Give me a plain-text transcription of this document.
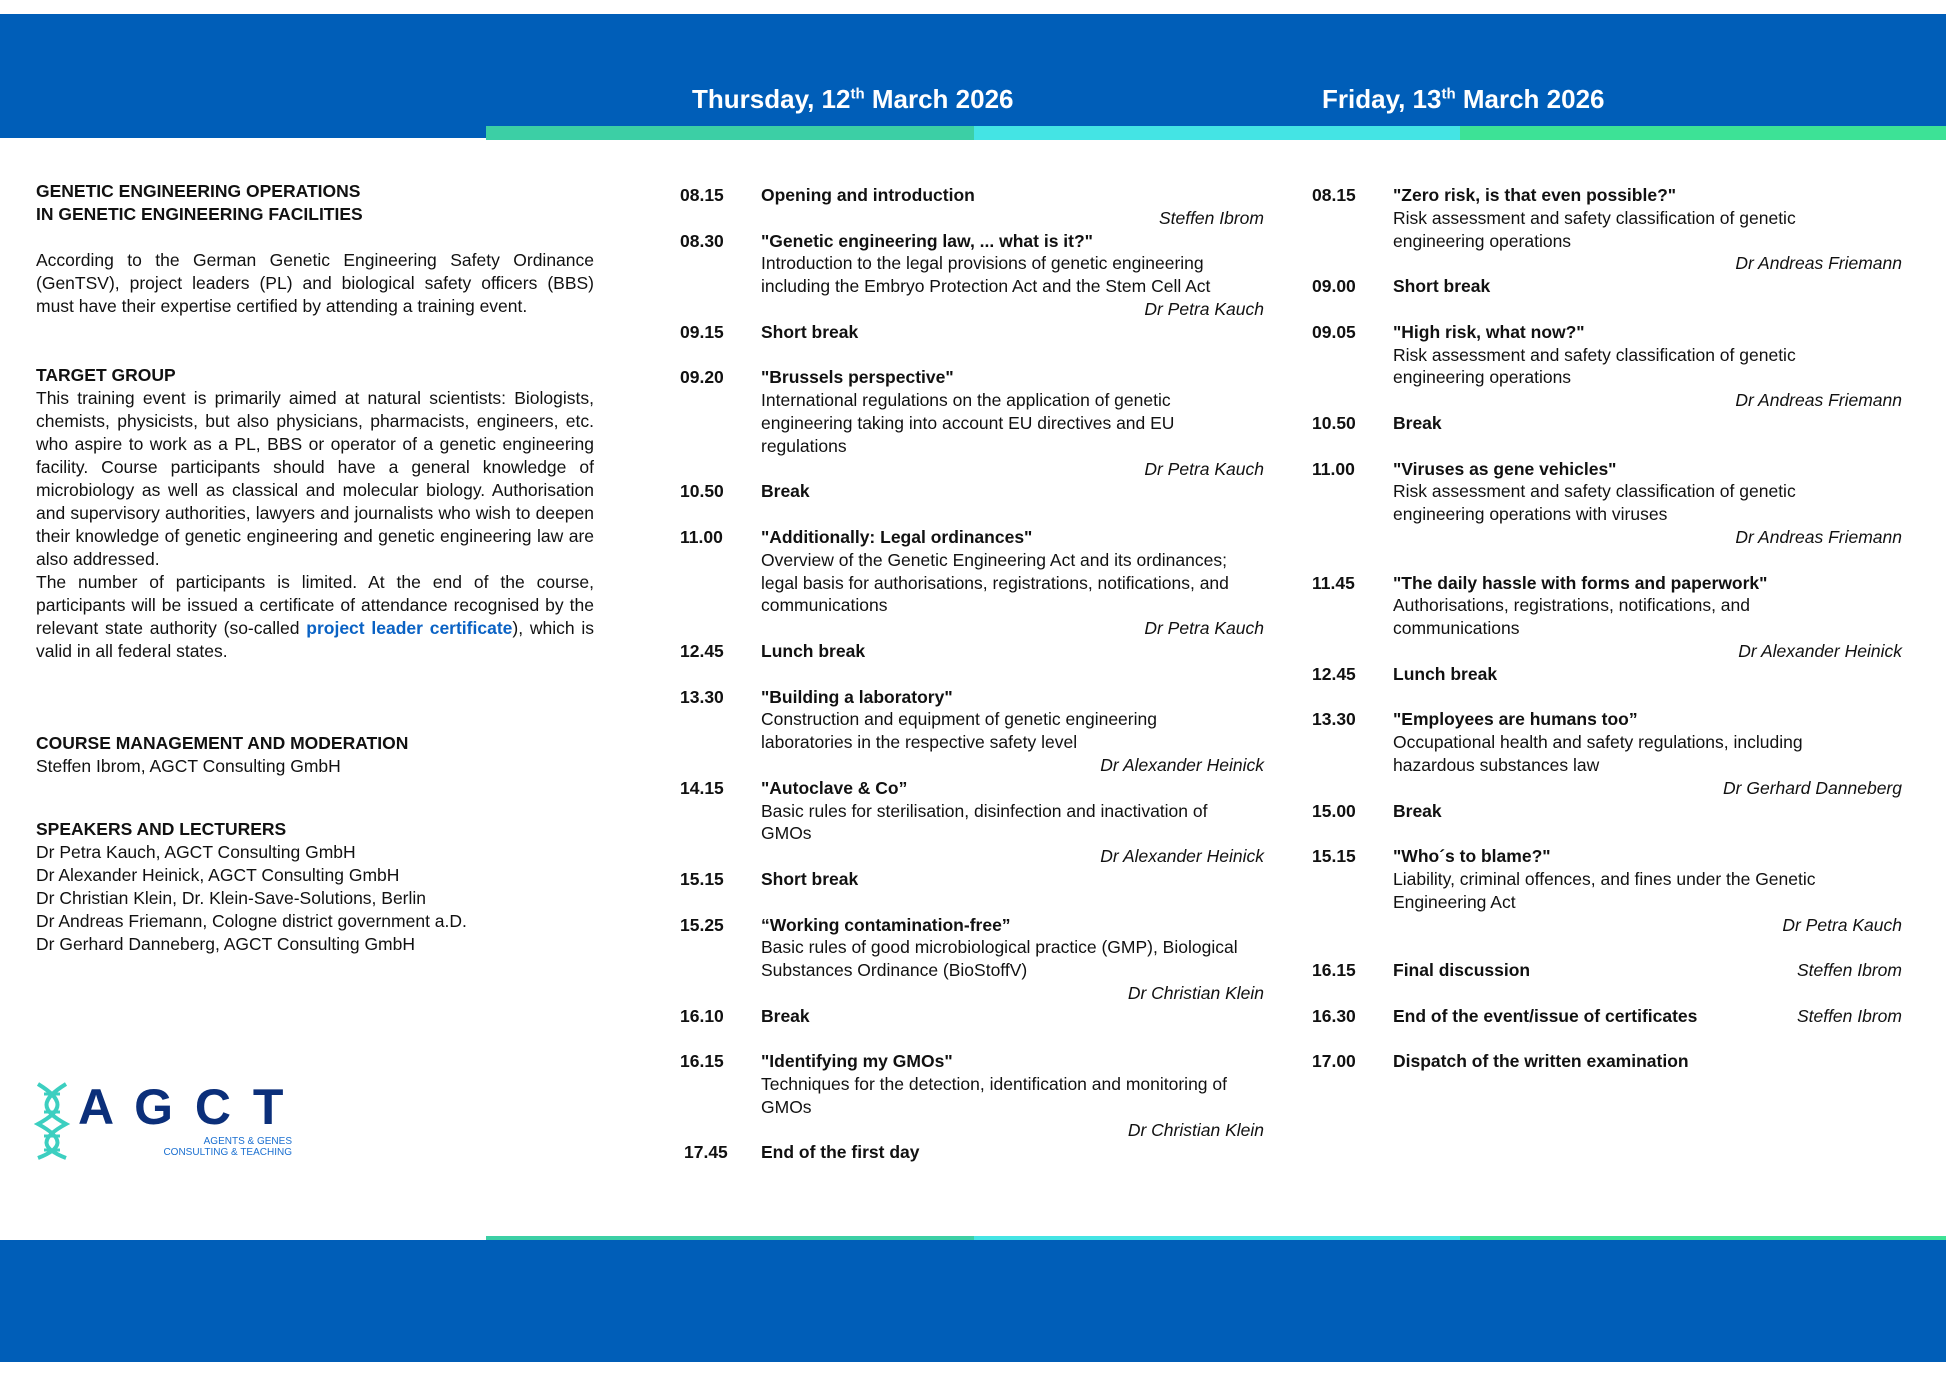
Thursday, 12th March 2026	Friday, 13th March 2026
GENETIC ENGINEERING OPERATIONS
IN GENETIC ENGINEERING FACILITIES

According to the German Genetic Engineering Safety Ordinance (GenTSV), project leaders (PL) and biological safety officers (BBS) must have their expertise certified by attending a training event.

TARGET GROUP

This training event is primarily aimed at natural scientists: Biologists, chemists, physicists, but also physicians, pharmacists, engineers, etc. who aspire to work as a PL, BBS or operator of a genetic engineering facility. Course participants should have a general knowledge of microbiology as well as classical and molecular biology. Authorisation and supervisory authorities, lawyers and journalists who wish to deepen their knowledge of genetic engineering and genetic engineering law are also addressed.

The number of participants is limited. At the end of the course, participants will be issued a certificate of attendance recognised by the relevant state authority (so-called project leader certificate), which is valid in all federal states.

COURSE MANAGEMENT AND MODERATION

Steffen Ibrom, AGCT Consulting GmbH

SPEAKERS AND LECTURERS

Dr Petra Kauch, AGCT Consulting GmbH

Dr Alexander Heinick, AGCT Consulting GmbH

Dr Christian Klein, Dr. Klein-Save-Solutions, Berlin

Dr Andreas Friemann, Cologne district government a.D.

Dr Gerhard Danneberg, AGCT Consulting GmbH

A G C T
AGENTS & GENES
CONSULTING & TEACHING
08.15 Opening and introduction
Steffen Ibrom
08.30 "Genetic engineering law, ... what is it?"
Introduction to the legal provisions of genetic engineering
including the Embryo Protection Act and the Stem Cell Act
Dr Petra Kauch
09.15 Short break
09.20 "Brussels perspective"
International regulations on the application of genetic
engineering taking into account EU directives and EU
regulations
Dr Petra Kauch
10.50 Break
11.00 "Additionally: Legal ordinances"
Overview of the Genetic Engineering Act and its ordinances;
legal basis for authorisations, registrations, notifications, and
communications
Dr Petra Kauch
12.45 Lunch break
13.30 "Building a laboratory"
Construction and equipment of genetic engineering
laboratories in the respective safety level
Dr Alexander Heinick
14.15 "Autoclave & Co”
Basic rules for sterilisation, disinfection and inactivation of
GMOs
Dr Alexander Heinick
15.15 Short break
15.25 “Working contamination-free”
Basic rules of good microbiological practice (GMP), Biological
Substances Ordinance (BioStoffV)
Dr Christian Klein
16.10 Break
16.15 "Identifying my GMOs"
Techniques for the detection, identification and monitoring of
GMOs
Dr Christian Klein
17.45 End of the first day
08.15 "Zero risk, is that even possible?"
Risk assessment and safety classification of genetic
engineering operations
Dr Andreas Friemann
09.00 Short break
09.05 "High risk, what now?"
Risk assessment and safety classification of genetic
engineering operations
Dr Andreas Friemann
10.50 Break
11.00 "Viruses as gene vehicles"
Risk assessment and safety classification of genetic
engineering operations with viruses
Dr Andreas Friemann
11.45 "The daily hassle with forms and paperwork"
Authorisations, registrations, notifications, and
communications
Dr Alexander Heinick
12.45 Lunch break
13.30 "Employees are humans too”
Occupational health and safety regulations, including
hazardous substances law
Dr Gerhard Danneberg
15.00 Break
15.15 "Who´s to blame?"
Liability, criminal offences, and fines under the Genetic
Engineering Act
Dr Petra Kauch
16.15 Final discussion	Steffen Ibrom
16.30 End of the event/issue of certificates	Steffen Ibrom
17.00 Dispatch of the written examination
